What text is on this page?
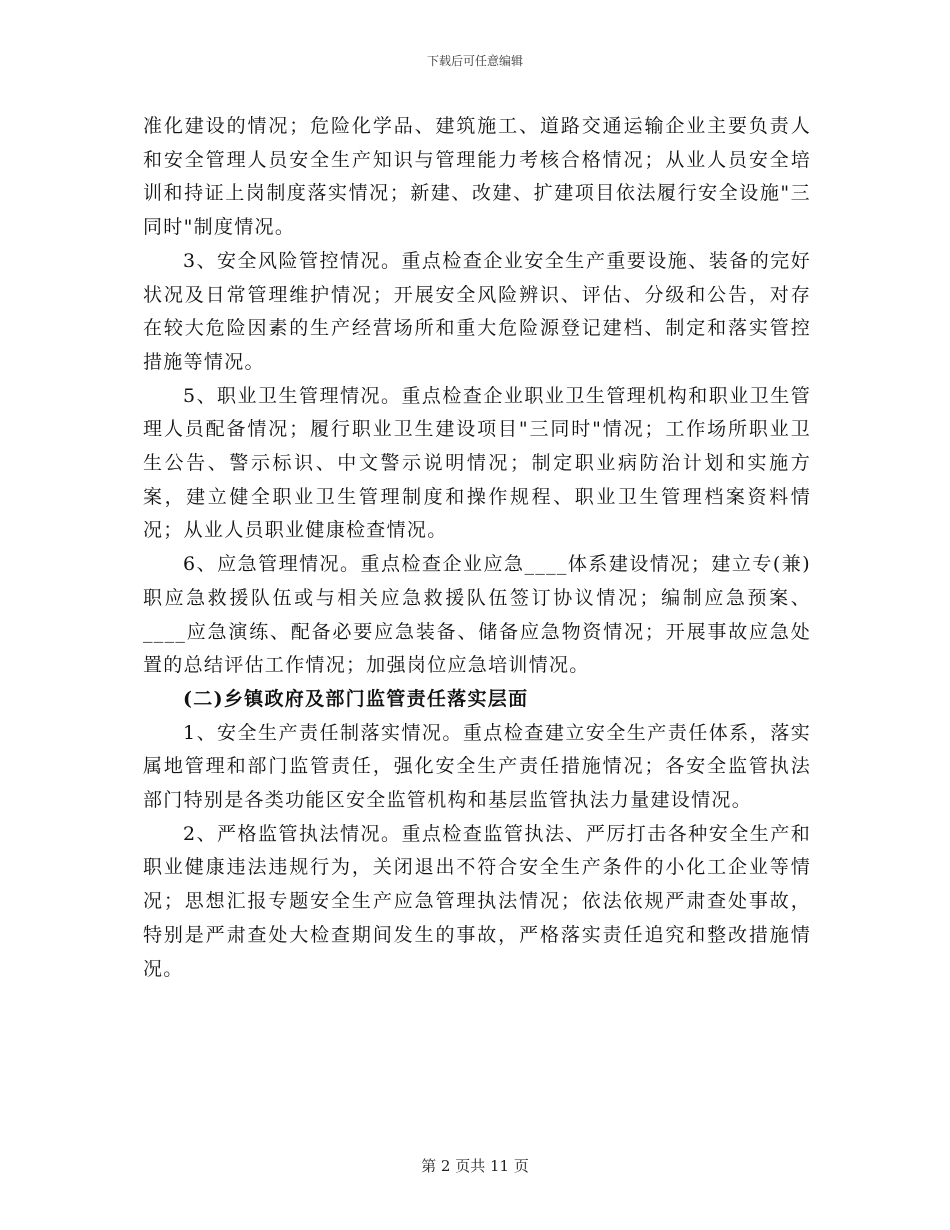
下载后可任意编辑

准化建设的情况；危险化学品、建筑施工、道路交通运输企业主要负责人和安全管理人员安全生产知识与管理能力考核合格情况；从业人员安全培训和持证上岗制度落实情况；新建、改建、扩建项目依法履行安全设施"三同时"制度情况。

3、安全风险管控情况。重点检查企业安全生产重要设施、装备的完好状况及日常管理维护情况；开展安全风险辨识、评估、分级和公告，对存在较大危险因素的生产经营场所和重大危险源登记建档、制定和落实管控措施等情况。

5、职业卫生管理情况。重点检查企业职业卫生管理机构和职业卫生管理人员配备情况；履行职业卫生建设项目"三同时"情况；工作场所职业卫生公告、警示标识、中文警示说明情况；制定职业病防治计划和实施方案，建立健全职业卫生管理制度和操作规程、职业卫生管理档案资料情况；从业人员职业健康检查情况。

6、应急管理情况。重点检查企业应急____体系建设情况；建立专(兼)职应急救援队伍或与相关应急救援队伍签订协议情况；编制应急预案、____应急演练、配备必要应急装备、储备应急物资情况；开展事故应急处置的总结评估工作情况；加强岗位应急培训情况。

(二)乡镇政府及部门监管责任落实层面

1、安全生产责任制落实情况。重点检查建立安全生产责任体系，落实属地管理和部门监管责任，强化安全生产责任措施情况；各安全监管执法部门特别是各类功能区安全监管机构和基层监管执法力量建设情况。

2、严格监管执法情况。重点检查监管执法、严厉打击各种安全生产和职业健康违法违规行为，关闭退出不符合安全生产条件的小化工企业等情况；思想汇报专题安全生产应急管理执法情况；依法依规严肃查处事故，特别是严肃查处大检查期间发生的事故，严格落实责任追究和整改措施情况。

第 2 页共 11 页
